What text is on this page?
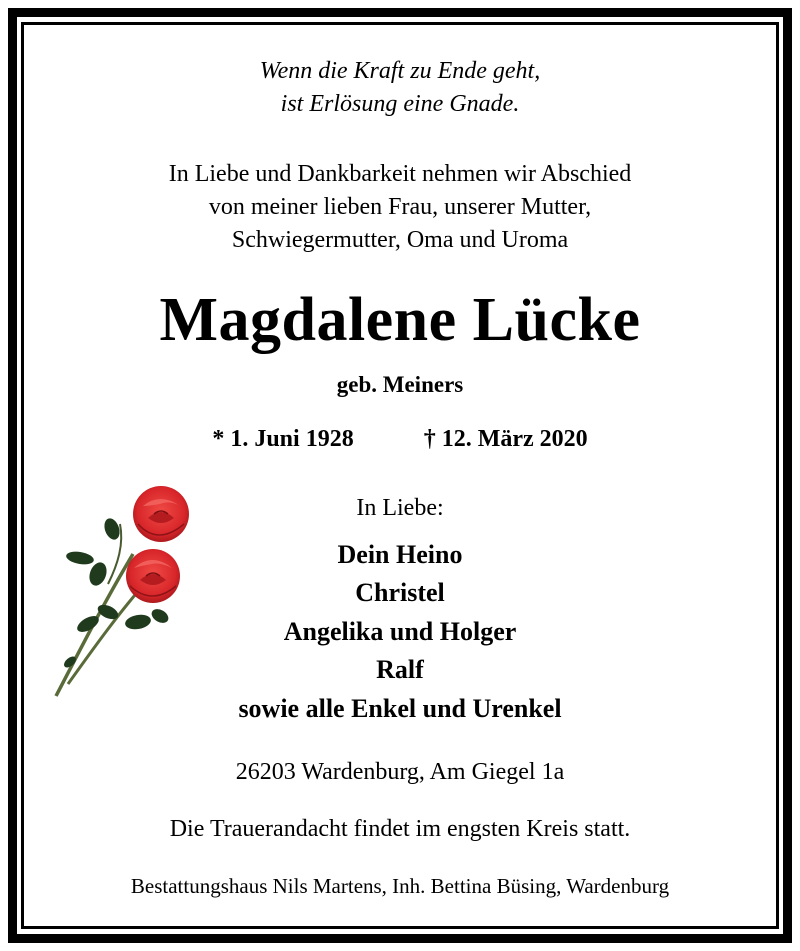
Wenn die Kraft zu Ende geht,
ist Erlösung eine Gnade.
In Liebe und Dankbarkeit nehmen wir Abschied
von meiner lieben Frau, unserer Mutter,
Schwiegermutter, Oma und Uroma
Magdalene Lücke
geb. Meiners
* 1. Juni 1928	† 12. März 2020
In Liebe:
Dein Heino
Christel
Angelika und Holger
Ralf
sowie alle Enkel und Urenkel
26203 Wardenburg, Am Giegel 1a
Die Trauerandacht findet im engsten Kreis statt.
Bestattungshaus Nils Martens, Inh. Bettina Büsing, Wardenburg
